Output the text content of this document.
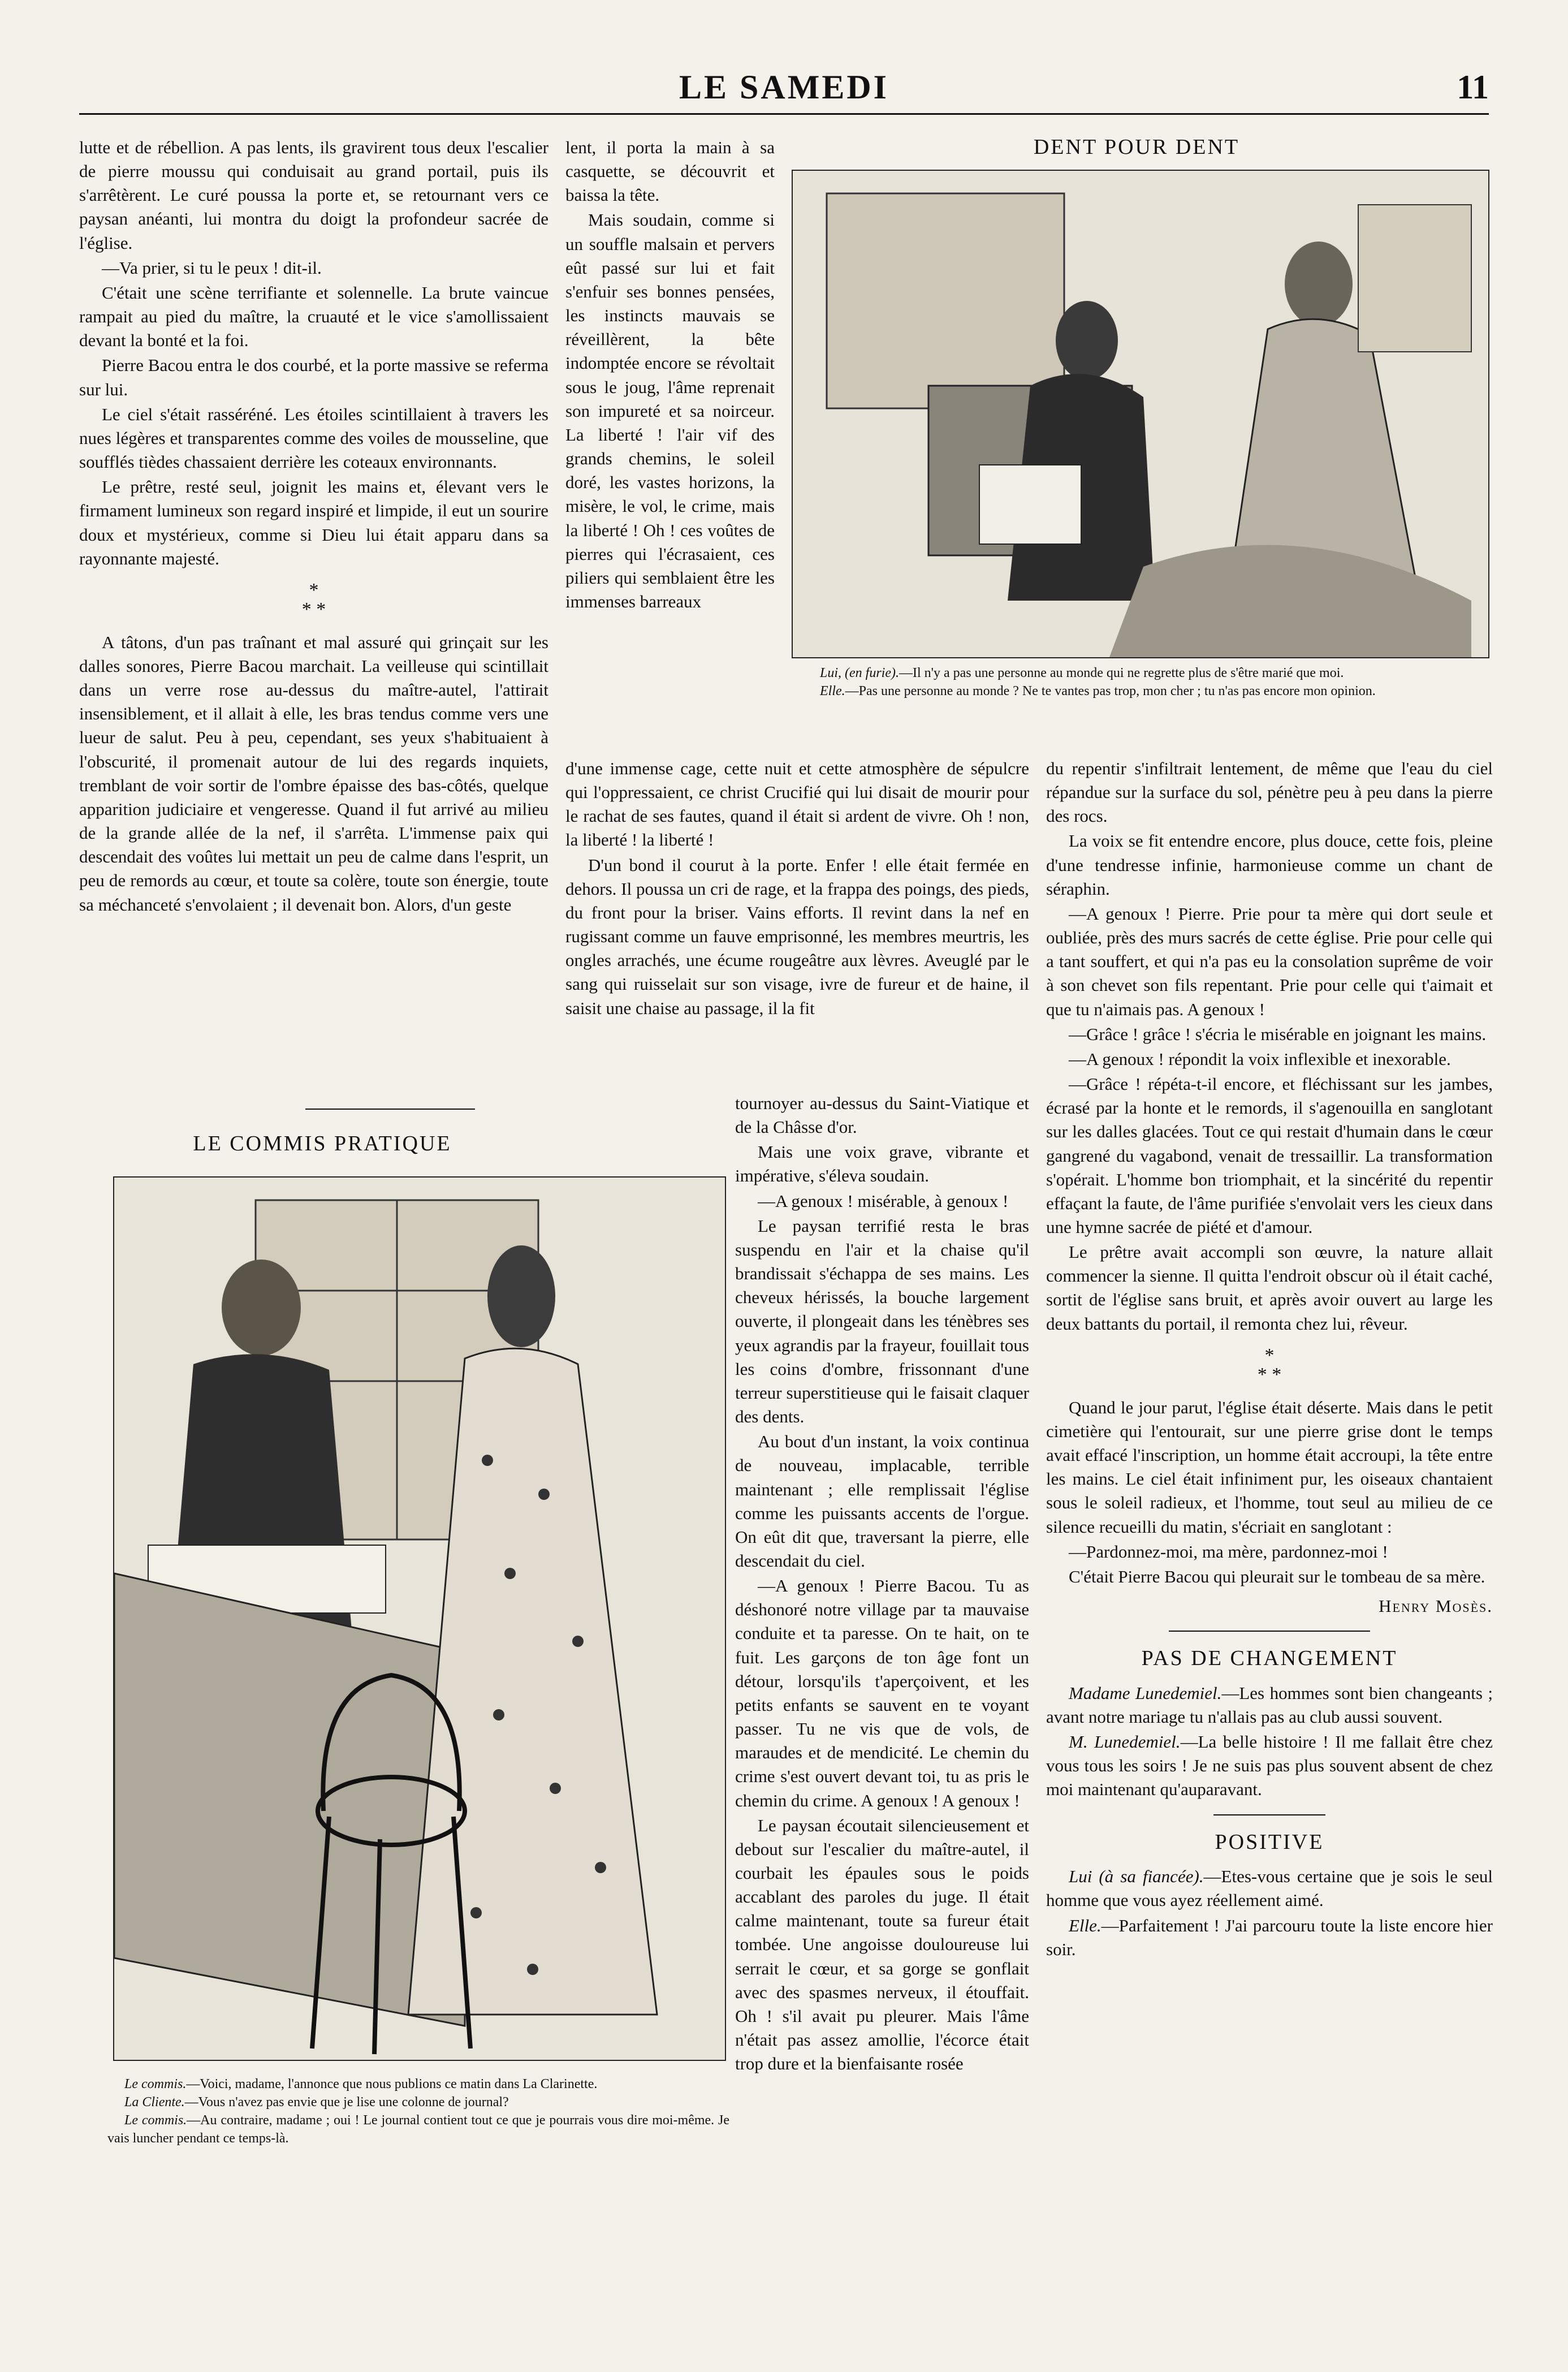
LE SAMEDI	11

lutte et de rébellion. A pas lents, ils gravirent tous deux l'escalier de pierre moussu qui conduisait au grand portail, puis ils s'arrêtèrent. Le curé poussa la porte et, se retournant vers ce paysan anéanti, lui montra du doigt la profondeur sacrée de l'église.

—Va prier, si tu le peux ! dit-il.

C'était une scène terrifiante et solennelle. La brute vaincue rampait au pied du maître, la cruauté et le vice s'amollissaient devant la bonté et la foi.

Pierre Bacou entra le dos courbé, et la porte massive se referma sur lui.

Le ciel s'était rasséréné. Les étoiles scintillaient à travers les nues légères et transparentes comme des voiles de mousseline, que soufflés tièdes chassaient derrière les coteaux environnants.

Le prêtre, resté seul, joignit les mains et, élevant vers le firmament lumineux son regard inspiré et limpide, il eut un sourire doux et mystérieux, comme si Dieu lui était apparu dans sa rayonnante majesté.

*
* *

A tâtons, d'un pas traînant et mal assuré qui grinçait sur les dalles sonores, Pierre Bacou marchait. La veilleuse qui scintillait dans un verre rose au-dessus du maître-autel, l'attirait insensiblement, et il allait à elle, les bras tendus comme vers une lueur de salut. Peu à peu, cependant, ses yeux s'habituaient à l'obscurité, il promenait autour de lui des regards inquiets, tremblant de voir sortir de l'ombre épaisse des bas-côtés, quelque apparition judiciaire et vengeresse. Quand il fut arrivé au milieu de la grande allée de la nef, il s'arrêta. L'immense paix qui descendait des voûtes lui mettait un peu de calme dans l'esprit, un peu de remords au cœur, et toute sa colère, toute son énergie, toute sa méchanceté s'envolaient ; il devenait bon. Alors, d'un geste

lent, il porta la main à sa casquette, se découvrit et baissa la tête.

Mais soudain, comme si un souffle malsain et pervers eût passé sur lui et fait s'enfuir ses bonnes pensées, les instincts mauvais se réveillèrent, la bête indomptée encore se révoltait sous le joug, l'âme reprenait son impureté et sa noirceur. La liberté ! l'air vif des grands chemins, le soleil doré, les vastes horizons, la misère, le vol, le crime, mais la liberté ! Oh ! ces voûtes de pierres qui l'écrasaient, ces piliers qui semblaient être les immenses barreaux

DENT POUR DENT

Lui, (en furie).—Il n'y a pas une personne au monde qui ne regrette plus de s'être marié que moi.

Elle.—Pas une personne au monde ? Ne te vantes pas trop, mon cher ; tu n'as pas encore mon opinion.

d'une immense cage, cette nuit et cette atmosphère de sépulcre qui l'oppressaient, ce christ Crucifié qui lui disait de mourir pour le rachat de ses fautes, quand il était si ardent de vivre. Oh ! non, la liberté ! la liberté !

D'un bond il courut à la porte. Enfer ! elle était fermée en dehors. Il poussa un cri de rage, et la frappa des poings, des pieds, du front pour la briser. Vains efforts. Il revint dans la nef en rugissant comme un fauve emprisonné, les membres meurtris, les ongles arrachés, une écume rougeâtre aux lèvres. Aveuglé par le sang qui ruisselait sur son visage, ivre de fureur et de haine, il saisit une chaise au passage, il la fit

LE COMMIS PRATIQUE

Le commis.—Voici, madame, l'annonce que nous publions ce matin dans La Clarinette.

La Cliente.—Vous n'avez pas envie que je lise une colonne de journal?

Le commis.—Au contraire, madame ; oui ! Le journal contient tout ce que je pourrais vous dire moi-même. Je vais luncher pendant ce temps-là.

tournoyer au-dessus du Saint-Viatique et de la Châsse d'or.

Mais une voix grave, vibrante et impérative, s'éleva soudain.

—A genoux ! misérable, à genoux !

Le paysan terrifié resta le bras suspendu en l'air et la chaise qu'il brandissait s'échappa de ses mains. Les cheveux hérissés, la bouche largement ouverte, il plongeait dans les ténèbres ses yeux agrandis par la frayeur, fouillait tous les coins d'ombre, frissonnant d'une terreur superstitieuse qui le faisait claquer des dents.

Au bout d'un instant, la voix continua de nouveau, implacable, terrible maintenant ; elle remplissait l'église comme les puissants accents de l'orgue. On eût dit que, traversant la pierre, elle descendait du ciel.

—A genoux ! Pierre Bacou. Tu as déshonoré notre village par ta mauvaise conduite et ta paresse. On te hait, on te fuit. Les garçons de ton âge font un détour, lorsqu'ils t'aperçoivent, et les petits enfants se sauvent en te voyant passer. Tu ne vis que de vols, de maraudes et de mendicité. Le chemin du crime s'est ouvert devant toi, tu as pris le chemin du crime. A genoux ! A genoux !

Le paysan écoutait silencieusement et debout sur l'escalier du maître-autel, il courbait les épaules sous le poids accablant des paroles du juge. Il était calme maintenant, toute sa fureur était tombée. Une angoisse douloureuse lui serrait le cœur, et sa gorge se gonflait avec des spasmes nerveux, il étouffait. Oh ! s'il avait pu pleurer. Mais l'âme n'était pas assez amollie, l'écorce était trop dure et la bienfaisante rosée

du repentir s'infiltrait lentement, de même que l'eau du ciel répandue sur la surface du sol, pénètre peu à peu dans la pierre des rocs.

La voix se fit entendre encore, plus douce, cette fois, pleine d'une tendresse infinie, harmonieuse comme un chant de séraphin.

—A genoux ! Pierre. Prie pour ta mère qui dort seule et oubliée, près des murs sacrés de cette église. Prie pour celle qui a tant souffert, et qui n'a pas eu la consolation suprême de voir à son chevet son fils repentant. Prie pour celle qui t'aimait et que tu n'aimais pas. A genoux !

—Grâce ! grâce ! s'écria le misérable en joignant les mains.

—A genoux ! répondit la voix inflexible et inexorable.

—Grâce ! répéta-t-il encore, et fléchissant sur les jambes, écrasé par la honte et le remords, il s'agenouilla en sanglotant sur les dalles glacées. Tout ce qui restait d'humain dans le cœur gangrené du vagabond, venait de tressaillir. La transformation s'opérait. L'homme bon triomphait, et la sincérité du repentir effaçant la faute, de l'âme purifiée s'envolait vers les cieux dans une hymne sacrée de piété et d'amour.

Le prêtre avait accompli son œuvre, la nature allait commencer la sienne. Il quitta l'endroit obscur où il était caché, sortit de l'église sans bruit, et après avoir ouvert au large les deux battants du portail, il remonta chez lui, rêveur.

*
* *

Quand le jour parut, l'église était déserte. Mais dans le petit cimetière qui l'entourait, sur une pierre grise dont le temps avait effacé l'inscription, un homme était accroupi, la tête entre les mains. Le ciel était infiniment pur, les oiseaux chantaient sous le soleil radieux, et l'homme, tout seul au milieu de ce silence recueilli du matin, s'écriait en sanglotant :

—Pardonnez-moi, ma mère, pardonnez-moi !

C'était Pierre Bacou qui pleurait sur le tombeau de sa mère.

Henry Mosès.

PAS DE CHANGEMENT

Madame Lunedemiel.—Les hommes sont bien changeants ; avant notre mariage tu n'allais pas au club aussi souvent.

M. Lunedemiel.—La belle histoire ! Il me fallait être chez vous tous les soirs ! Je ne suis pas plus souvent absent de chez moi maintenant qu'auparavant.

POSITIVE

Lui (à sa fiancée).—Etes-vous certaine que je sois le seul homme que vous ayez réellement aimé.

Elle.—Parfaitement ! J'ai parcouru toute la liste encore hier soir.
